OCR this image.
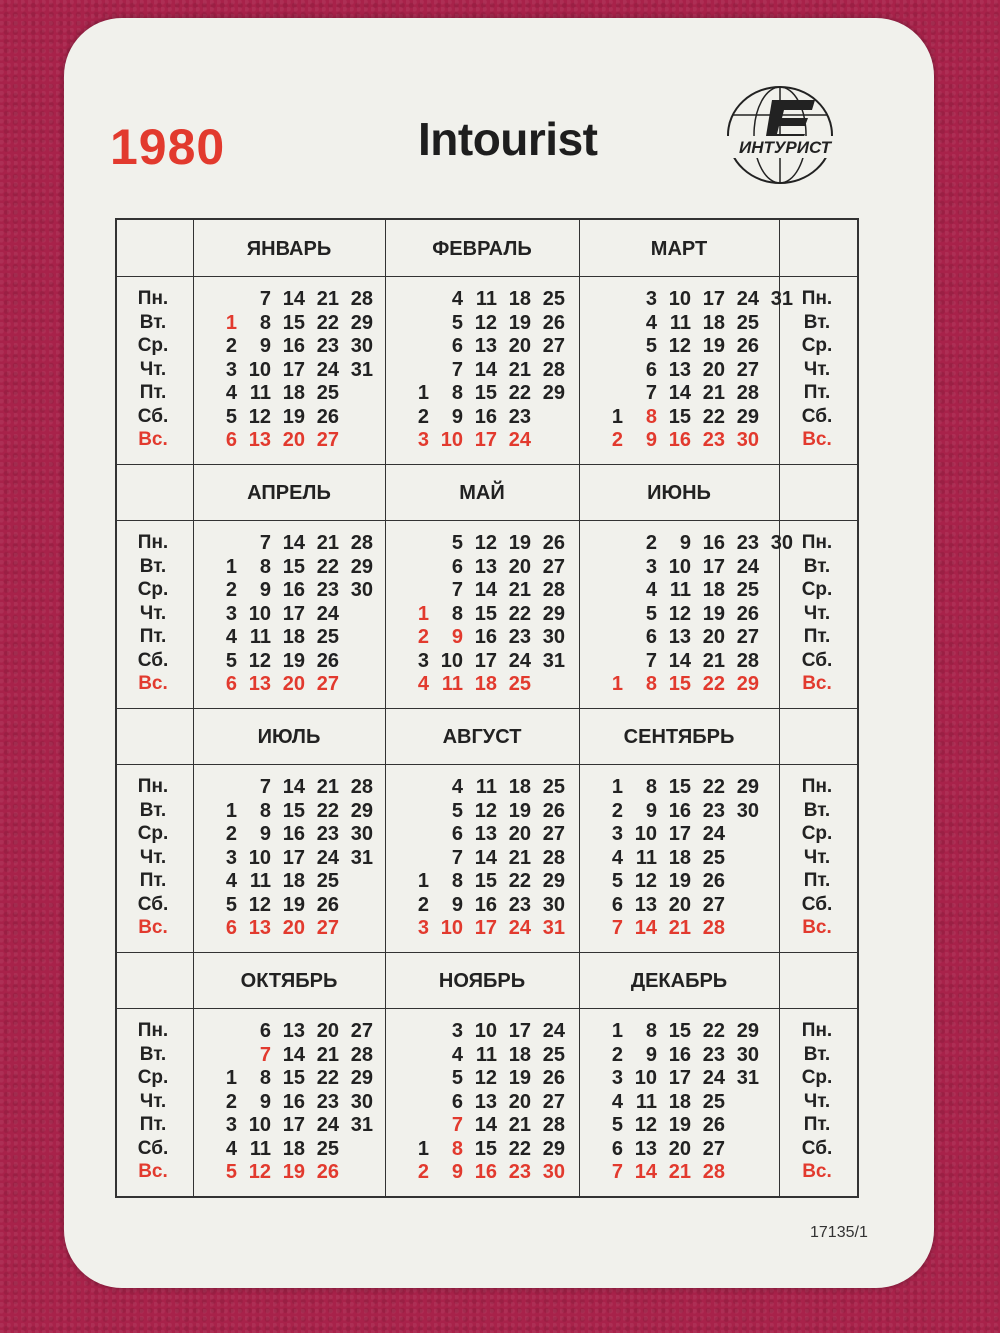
1980	Intourist	ИНТУРИСТ
Пн.
Вт.
Ср.
Чт.
Пт.
Сб.
Вс.
Пн.
Вт.
Ср.
Чт.
Пт.
Сб.
Вс.
ЯНВАРЬ
1
2
3
4
5
6
7
8
9
10
11
12
13
14
15
16
17
18
19
20
21
22
23
24
25
26
27
28
29
30
31
ФЕВРАЛЬ
1
2
3
4
5
6
7
8
9
10
11
12
13
14
15
16
17
18
19
20
21
22
23
24
25
26
27
28
29
МАРТ
1
2
3
4
5
6
7
8
9
10
11
12
13
14
15
16
17
18
19
20
21
22
23
24
25
26
27
28
29
30
31
Пн.
Вт.
Ср.
Чт.
Пт.
Сб.
Вс.
Пн.
Вт.
Ср.
Чт.
Пт.
Сб.
Вс.
АПРЕЛЬ
1
2
3
4
5
6
7
8
9
10
11
12
13
14
15
16
17
18
19
20
21
22
23
24
25
26
27
28
29
30
МАЙ
1
2
3
4
5
6
7
8
9
10
11
12
13
14
15
16
17
18
19
20
21
22
23
24
25
26
27
28
29
30
31
ИЮНЬ
1
2
3
4
5
6
7
8
9
10
11
12
13
14
15
16
17
18
19
20
21
22
23
24
25
26
27
28
29
30
Пн.
Вт.
Ср.
Чт.
Пт.
Сб.
Вс.
Пн.
Вт.
Ср.
Чт.
Пт.
Сб.
Вс.
ИЮЛЬ
1
2
3
4
5
6
7
8
9
10
11
12
13
14
15
16
17
18
19
20
21
22
23
24
25
26
27
28
29
30
31
АВГУСТ
1
2
3
4
5
6
7
8
9
10
11
12
13
14
15
16
17
18
19
20
21
22
23
24
25
26
27
28
29
30
31
СЕНТЯБРЬ
1
2
3
4
5
6
7
8
9
10
11
12
13
14
15
16
17
18
19
20
21
22
23
24
25
26
27
28
29
30
Пн.
Вт.
Ср.
Чт.
Пт.
Сб.
Вс.
Пн.
Вт.
Ср.
Чт.
Пт.
Сб.
Вс.
ОКТЯБРЬ
1
2
3
4
5
6
7
8
9
10
11
12
13
14
15
16
17
18
19
20
21
22
23
24
25
26
27
28
29
30
31
НОЯБРЬ
1
2
3
4
5
6
7
8
9
10
11
12
13
14
15
16
17
18
19
20
21
22
23
24
25
26
27
28
29
30
ДЕКАБРЬ
1
2
3
4
5
6
7
8
9
10
11
12
13
14
15
16
17
18
19
20
21
22
23
24
25
26
27
28
29
30
31
17135/1
